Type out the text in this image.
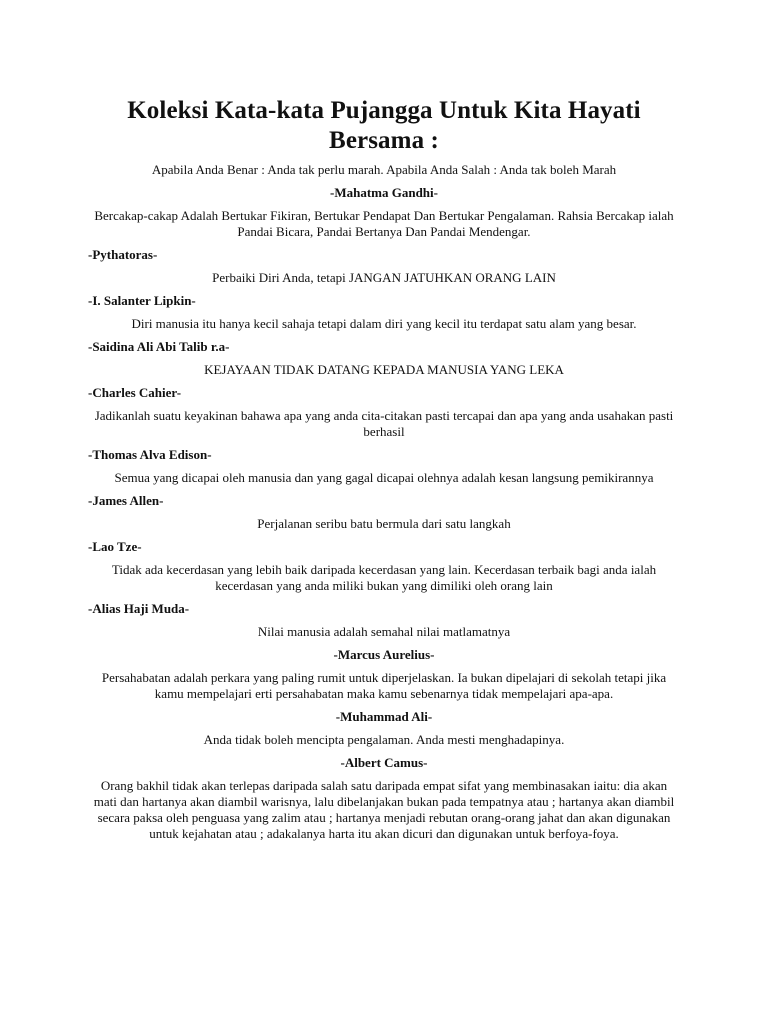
Koleksi Kata-kata Pujangga Untuk Kita Hayati Bersama :

Apabila Anda Benar : Anda tak perlu marah. Apabila Anda Salah : Anda tak boleh Marah

-Mahatma Gandhi-

Bercakap-cakap Adalah Bertukar Fikiran, Bertukar Pendapat Dan Bertukar Pengalaman. Rahsia Bercakap ialah Pandai Bicara, Pandai Bertanya Dan Pandai Mendengar.

-Pythatoras-

Perbaiki Diri Anda, tetapi JANGAN JATUHKAN ORANG LAIN

-I. Salanter Lipkin-

Diri manusia itu hanya kecil sahaja tetapi dalam diri yang kecil itu terdapat satu alam yang besar.

-Saidina Ali Abi Talib r.a-

KEJAYAAN TIDAK DATANG KEPADA MANUSIA YANG LEKA

-Charles Cahier-

Jadikanlah suatu keyakinan bahawa apa yang anda cita-citakan pasti tercapai dan apa yang anda usahakan pasti berhasil

-Thomas Alva Edison-

Semua yang dicapai oleh manusia dan yang gagal dicapai olehnya adalah kesan langsung pemikirannya

-James Allen-

Perjalanan seribu batu bermula dari satu langkah

-Lao Tze-

Tidak ada kecerdasan yang lebih baik daripada kecerdasan yang lain. Kecerdasan terbaik bagi anda ialah kecerdasan yang anda miliki bukan yang dimiliki oleh orang lain

-Alias Haji Muda-

Nilai manusia adalah semahal nilai matlamatnya

-Marcus Aurelius-

Persahabatan adalah perkara yang paling rumit untuk diperjelaskan. Ia bukan dipelajari di sekolah tetapi jika kamu mempelajari erti persahabatan maka kamu sebenarnya tidak mempelajari apa-apa.

-Muhammad Ali-

Anda tidak boleh mencipta pengalaman. Anda mesti menghadapinya.

-Albert Camus-

Orang bakhil tidak akan terlepas daripada salah satu daripada empat sifat yang membinasakan iaitu: dia akan mati dan hartanya akan diambil warisnya, lalu dibelanjakan bukan pada tempatnya atau ; hartanya akan diambil secara paksa oleh penguasa yang zalim atau ; hartanya menjadi rebutan orang-orang jahat dan akan digunakan untuk kejahatan atau ; adakalanya harta itu akan dicuri dan digunakan untuk berfoya-foya.
